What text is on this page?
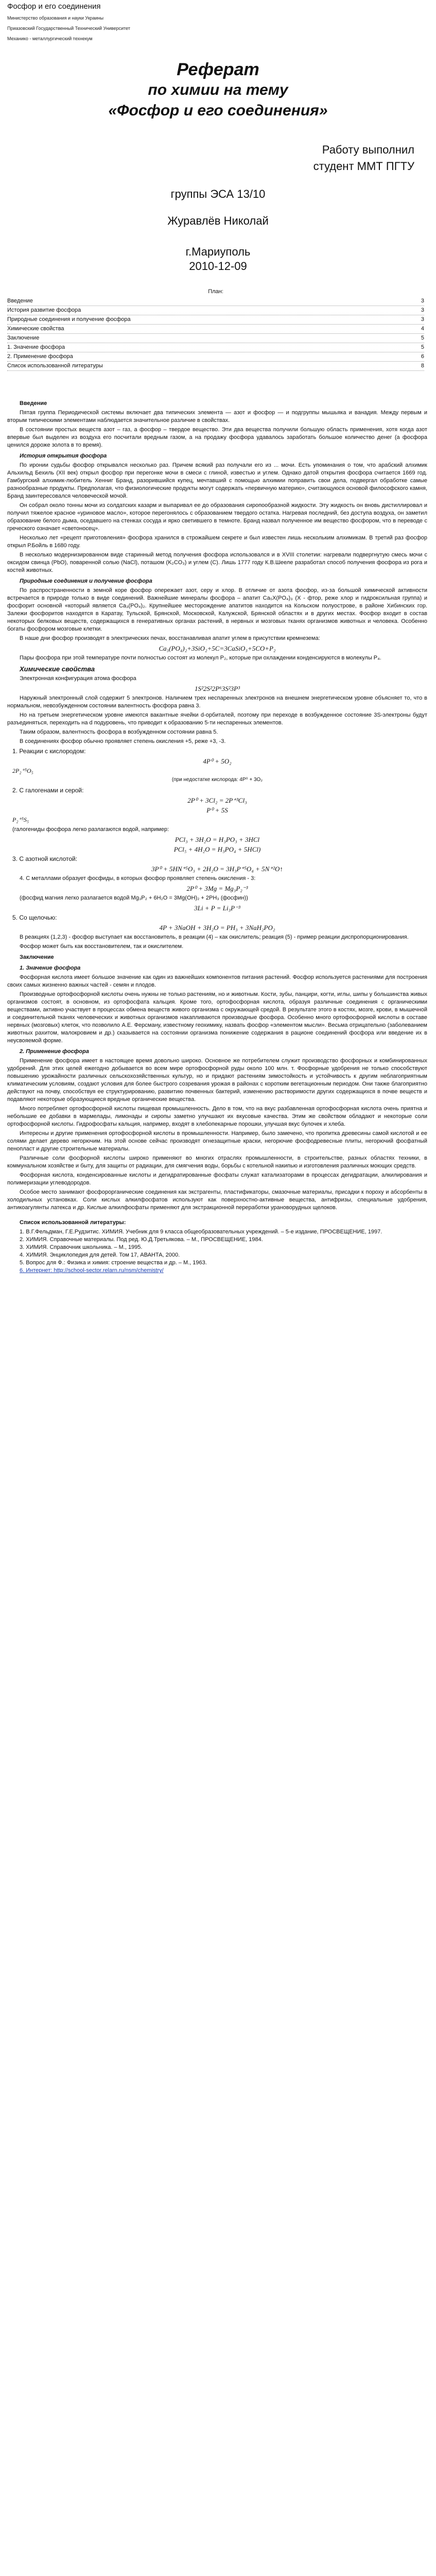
Фосфор и его соединения
Министерство образования и науки Украины
Приазовский Государственный Технический Университет
Механико - металлургический технекум
Реферат
по химии на тему
«Фосфор и его соединения»
Работу выполнил
студент ММТ ПГТУ
группы ЭСА 13/10
Журавлёв Николай
г.Мариуполь
2010-12-09
План:
Введение	3
История развитие фосфора	3
Природные соединения и получение фосфора	3
Химические свойства	4
Заключение	5
1. Значение фосфора	5
2. Применение фосфора	6
Список использованной литературы	8
Введение

Пятая группа Периодической системы включает два типических элемента — азот и фосфор — и подгруппы мышьяка и ванадия. Между первым и вторым типическими элементами наблюдается значительное различие в свойствах.

В состоянии простых веществ азот – газ, а фосфор – твердое вещество. Эти два вещества получили большую область применения, хотя когда азот впервые был выделен из воздуха его посчитали вредным газом, а на продажу фосфора удавалось заработать большое количество денег (а фосфора ценился дороже золота в то время).

История открытия фосфора

По иронии судьбы фосфор открывался несколько раз. Причем всякий раз получали его из ... мочи. Есть упоминания о том, что арабский алхимик Альхильд Бехиль (XII век) открыл фосфор при перегонке мочи в смеси с глиной, известью и углем. Однако датой открытия фосфора считается 1669 год. Гамбургский алхимик-любитель Хенниг Бранд, разорившийся купец, мечтавший с помощью алхимии поправить свои дела, подвергал обработке самые разнообразные продукты. Предполагая, что физиологические продукты могут содержать «первичную материю», считающуюся основой философского камня, Бранд заинтересовался человеческой мочой.

Он собрал около тонны мочи из солдатских казарм и выпаривал ее до образования сиропообразной жидкости. Эту жидкость он вновь дистиллировал и получил тяжелое красное «уриновое масло», которое перегонялось с образованием твердого остатка. Нагревая последний, без доступа воздуха, он заметил образование белого дыма, оседавшего на стенках сосуда и ярко светившего в темноте. Бранд назвал полученное им вещество фосфором, что в переводе с греческого означает «светоносец».

Несколько лет «рецепт приготовления» фосфора хранился в строжайшем секрете и был известен лишь нескольким алхимикам. В третий раз фосфор открыл Р.Бойль в 1680 году.

В несколько модернизированном виде старинный метод получения фосфора использовался и в XVIII столетии: нагревали подвергнутую смесь мочи с оксидом свинца (PbO), поваренной солью (NaCl), поташом (K₂CO₃) и углем (C). Лишь 1777 году К.В.Шееле разработал способ получения фосфора из рога и костей животных.

Природные соединения и получение фосфора

По распространенности в земной коре фосфор опережает азот, серу и хлор. В отличие от азота фосфор, из-за большой химической активности встречается в природе только в виде соединений. Важнейшие минералы фосфора – апатит Ca₅X(PO₄)₃ (X - фтор, реже хлор и гидроксильная группа) и фосфорит основной «который является Ca₃(PO₄)₂. Крупнейшее месторождение апатитов находится на Кольском полуострове, в районе Хибинских гор. Залежи фосфоритов находятся в Каратау, Тульской, Брянской, Московской, Калужской, Брянской областях и в других местах. Фосфор входит в состав некоторых белковых веществ, содержащихся в генеративных органах растений, в нервных и мозговых тканях организмов животных и человека. Особенно богаты фосфором мозговые клетки.

В наше дни фосфор производят в электрических печах, восстанавливая апатит углем в присутствии кремнезема:

Ca₃(PO₄)₂+3SiO₂+5C=3CaSiO₃+5CO+P₂

Пары фосфора при этой температуре почти полностью состоят из молекул P₂, которые при охлаждении конденсируются в молекулы P₄.

Химические свойства

Электронная конфигурация атома фосфора

1S²2S²2P⁶3S²3P³

Наружный электронный слой содержит 5 электронов. Наличием трех неспаренных электронов на внешнем энергетическом уровне объясняет то, что в нормальном, невозбужденном состоянии валентность фосфора равна 3.

Но на третьем энергетическом уровне имеются вакантные ячейки d-орбиталей, поэтому при переходе в возбужденное состояние 3S-электроны будут разъединяться, переходить на d подуровень, что приводит к образованию 5-ти неспаренных элементов.

Таким образом, валентность фосфора в возбужденном состоянии равна 5.

В соединениях фосфор обычно проявляет степень окисления +5, реже +3, -3.

1. Реакции с кислородом:
4P⁰ + 5O₂
2P₂⁺⁵O₅
(при недостатке кислорода: 4P⁰ + 3O₂
2. С галогенами и серой:
2P⁰ + 3Cl₂ = 2P⁺³Cl₃
P⁰ + 5S
P₂⁺⁵S₅
(галогениды фосфора легко разлагаются водой, например:
PCl₃ + 3H₂O = H₃PO₃ + 3HCl
PCl₅ + 4H₂O = H₃PO₄ + 5HCl)
3. С азотной кислотой:
3P⁰ + 5HN⁺⁵O₃ + 2H₂O = 3H₃P⁺⁵O₄ + 5N⁺²O↑

4. С металлами образует фосфиды, в которых фосфор проявляет степень окисления - 3:

2P⁰ + 3Mg = Mg₃P₂⁻³

(фосфид магния легко разлагается водой Mg₃P₂ + 6H₂O = 3Mg(OH)₂ + 2PH₃ (фосфин))

3Li + P = Li₃P⁻³
5. Со щелочью:
4P + 3NaOH + 3H₂O = PH₃ + 3NaH₂PO₂

В реакциях (1,2,3) - фосфор выступает как восстановитель, в реакции (4) – как окислитель; реакция (5) - пример реакции диспропорционирования.

Фосфор может быть как восстановителем, так и окислителем.

Заключение
1. Значение фосфора

Фосфорная кислота имеет большое значение как один из важнейших компонентов питания растений. Фосфор используется растениями для построения своих самых жизненно важных частей - семян и плодов.

Производные ортофосфорной кислоты очень нужны не только растениям, но и животным. Кости, зубы, панцири, когти, иглы, шипы у большинства живых организмов состоят, в основном, из ортофосфата кальция. Кроме того, ортофосфорная кислота, образуя различные соединения с органическими веществами, активно участвует в процессах обмена веществ живого организма с окружающей средой. В результате этого в костях, мозге, крови, в мышечной и соединительной тканях человеческих и животных организмов накапливаются производные фосфора. Особенно много ортофосфорной кислоты в составе нервных (мозговых) клеток, что позволило А.Е. Ферсману, известному геохимику, назвать фосфор «элементом мысли». Весьма отрицательно (заболеванием животных рахитом, малокровием и др.) сказывается на состоянии организма понижение содержания в рационе соединений фосфора или введение их в неусвояемой форме.

2. Применение фосфора

Применение фосфора имеет в настоящее время довольно широко. Основное же потребителем служит производство фосфорных и комбинированных удобрений. Для этих целей ежегодно добывается во всем мире ортофосфорной руды около 100 млн. т. Фосфорные удобрения не только способствуют повышению урожайности различных сельскохозяйственных культур, но и придают растениям зимостойкость и устойчивость к другим неблагоприятным климатическим условиям, создают условия для более быстрого созревания урожая в районах с коротким вегетационным периодом. Они также благоприятно действуют на почву, способствуя ее структурированию, развитию почвенных бактерий, изменению растворимости других содержащихся в почве веществ и подавляют некоторые образующиеся вредные органические вещества.

Много потребляет ортофосфорной кислоты пищевая промышленность. Дело в том, что на вкус разбавленная ортофосфорная кислота очень приятна и небольшие ее добавки в мармелады, лимонады и сиропы заметно улучшают их вкусовые качества. Этим же свойством обладают и некоторые соли ортофосфорной кислоты. Гидрофосфаты кальция, например, входят в хлебопекарные порошки, улучшая вкус булочек и хлеба.

Интересны и другие применения ортофосфорной кислоты в промышленности. Например, было замечено, что пропитка древесины самой кислотой и ее солями делает дерево негорючим. На этой основе сейчас производят огнезащитные краски, негорючие фосфодревесные плиты, негорючий фосфатный пенопласт и другие строительные материалы.

Различные соли фосфорной кислоты широко применяют во многих отраслях промышленности, в строительстве, разных областях техники, в коммунальном хозяйстве и быту, для защиты от радиации, для смягчения воды, борьбы с котельной накипью и изготовления различных моющих средств.

Фосфорная кислота, конденсированные кислоты и дегидратированные фосфаты служат катализаторами в процессах дегидратации, алкилирования и полимеризации углеводородов.

Особое место занимают фосфорорганические соединения как экстрагенты, пластификаторы, смазочные материалы, присадки к пороху и абсорбенты в холодильных установках. Соли кислых алкилфосфатов используют как поверхностно-активные вещества, антифризы, специальные удобрения, антикоагулянты латекса и др. Кислые алкилфосфаты применяют для экстракционной переработки урановорудных щелоков.

Список использованной литературы:
1. В.Г.Фельдман, Г.Е.Рудзитис. ХИМИЯ. Учебник для 9 класса общеобразовательных учреждений. – 5-е издание, ПРОСВЕЩЕНИЕ, 1997.
2. ХИМИЯ. Справочные материалы. Под ред. Ю.Д.Третьякова. – М., ПРОСВЕЩЕНИЕ, 1984.
3. ХИМИЯ. Справочник школьника. – М., 1995.
4. ХИМИЯ. Энциклопедия для детей. Том 17, АВАНТА, 2000.
5. Вопрос для Ф.: Физика и химия: строение вещества и др. – М., 1963.
6. Интернет: http://school-sector.relarn.ru/nsm/chemistry/
